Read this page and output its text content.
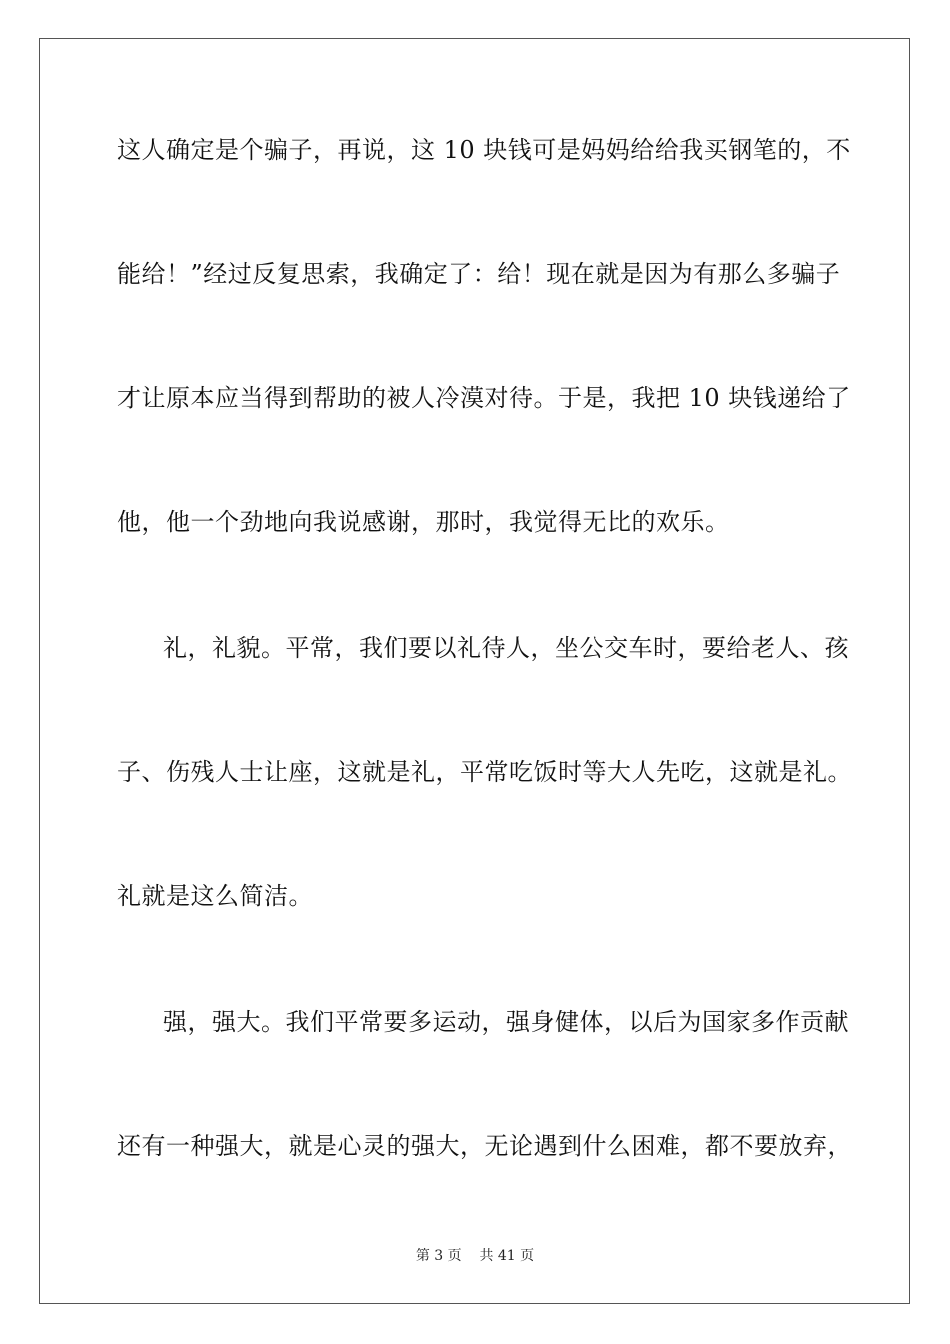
这人确定是个骗子，再说，这 10 块钱可是妈妈给给我买钢笔的，不
能给！”经过反复思索，我确定了：给！现在就是因为有那么多骗子
才让原本应当得到帮助的被人冷漠对待。于是，我把 10 块钱递给了
他，他一个劲地向我说感谢，那时，我觉得无比的欢乐。
礼，礼貌。平常，我们要以礼待人，坐公交车时，要给老人、孩
子、伤残人士让座，这就是礼，平常吃饭时等大人先吃，这就是礼。
礼就是这么简洁。
强，强大。我们平常要多运动，强身健体，以后为国家多作贡献
还有一种强大，就是心灵的强大，无论遇到什么困难，都不要放弃，
第 3 页 共 41 页
